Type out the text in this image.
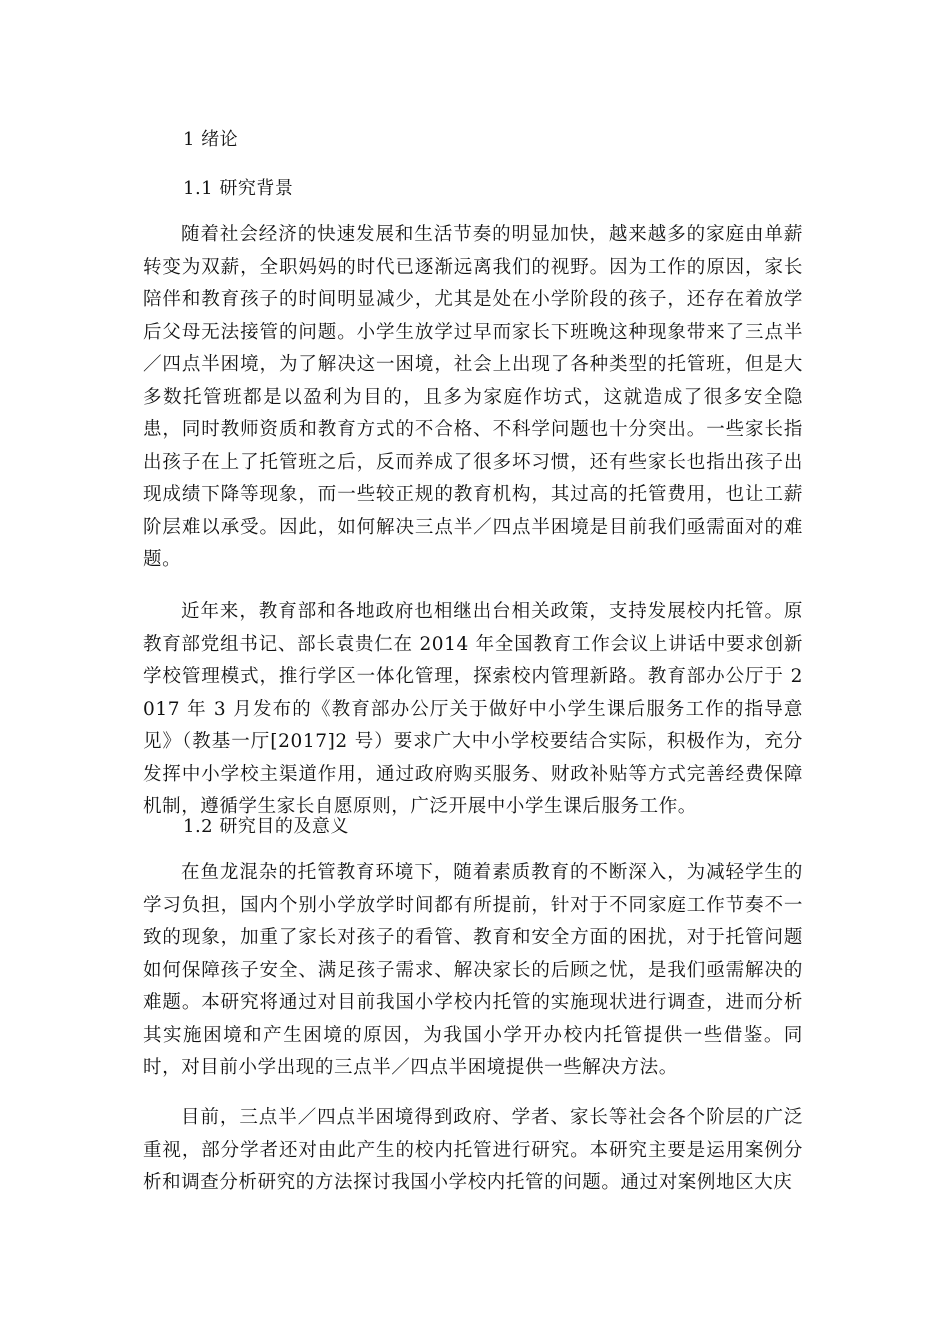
1 绪论
1.1 研究背景

随着社会经济的快速发展和生活节奏的明显加快，越来越多的家庭由单薪转变为双薪，全职妈妈的时代已逐渐远离我们的视野。因为工作的原因，家长陪伴和教育孩子的时间明显减少，尤其是处在小学阶段的孩子，还存在着放学后父母无法接管的问题。小学生放学过早而家长下班晚这种现象带来了三点半／四点半困境，为了解决这一困境，社会上出现了各种类型的托管班，但是大多数托管班都是以盈利为目的，且多为家庭作坊式，这就造成了很多安全隐患，同时教师资质和教育方式的不合格、不科学问题也十分突出。一些家长指出孩子在上了托管班之后，反而养成了很多坏习惯，还有些家长也指出孩子出现成绩下降等现象，而一些较正规的教育机构，其过高的托管费用，也让工薪阶层难以承受。因此，如何解决三点半／四点半困境是目前我们亟需面对的难题。

近年来，教育部和各地政府也相继出台相关政策，支持发展校内托管。原教育部党组书记、部长袁贵仁在 2014 年全国教育工作会议上讲话中要求创新学校管理模式，推行学区一体化管理，探索校内管理新路。教育部办公厅于 2017 年 3 月发布的《教育部办公厅关于做好中小学生课后服务工作的指导意见》（教基一厅[2017]2 号）要求广大中小学校要结合实际，积极作为，充分发挥中小学校主渠道作用，通过政府购买服务、财政补贴等方式完善经费保障机制，遵循学生家长自愿原则，广泛开展中小学生课后服务工作。

1.2 研究目的及意义

在鱼龙混杂的托管教育环境下，随着素质教育的不断深入，为减轻学生的学习负担，国内个别小学放学时间都有所提前，针对于不同家庭工作节奏不一致的现象，加重了家长对孩子的看管、教育和安全方面的困扰，对于托管问题如何保障孩子安全、满足孩子需求、解决家长的后顾之忧，是我们亟需解决的难题。本研究将通过对目前我国小学校内托管的实施现状进行调查，进而分析其实施困境和产生困境的原因，为我国小学开办校内托管提供一些借鉴。同时，对目前小学出现的三点半／四点半困境提供一些解决方法。

目前，三点半／四点半困境得到政府、学者、家长等社会各个阶层的广泛重视，部分学者还对由此产生的校内托管进行研究。本研究主要是运用案例分析和调查分析研究的方法探讨我国小学校内托管的问题。通过对案例地区大庆
